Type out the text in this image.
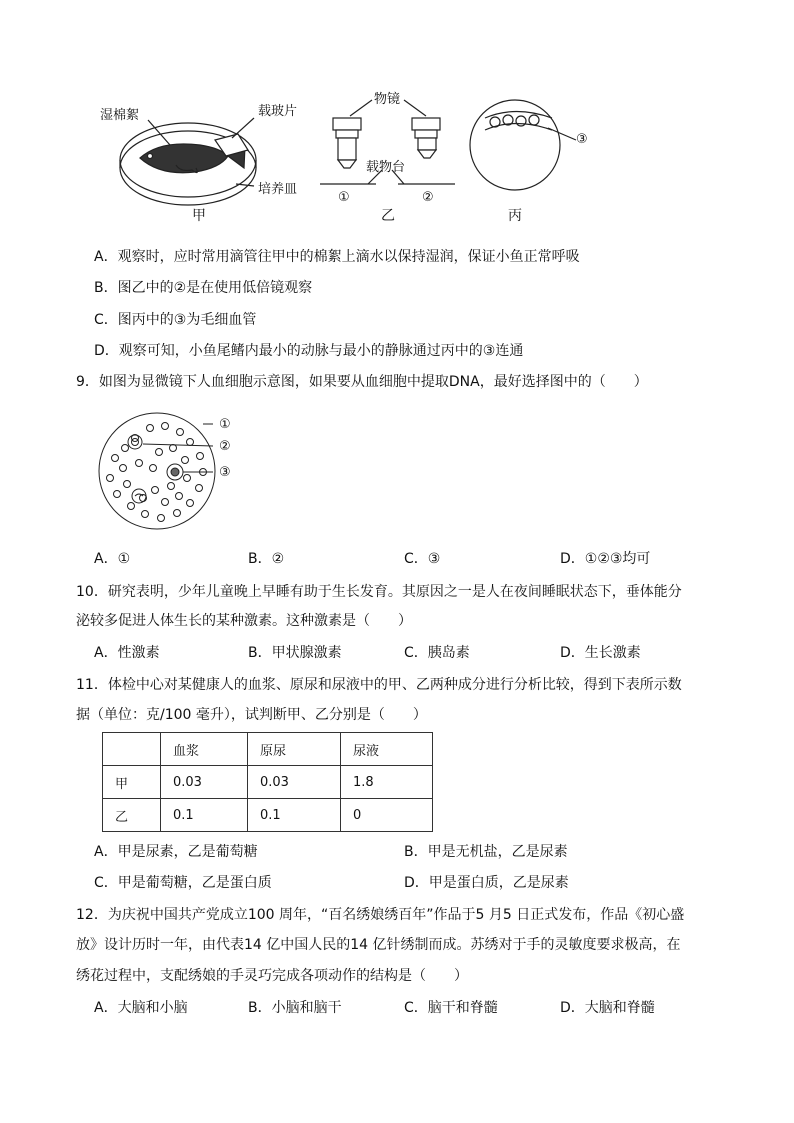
湿棉絮	载玻片
培养皿
物镜
载物台
①	②
③
甲	乙	丙
A．观察时，应时常用滴管往甲中的棉絮上滴水以保持湿润，保证小鱼正常呼吸
B．图乙中的②是在使用低倍镜观察
C．图丙中的③为毛细血管
D．观察可知，小鱼尾鳍内最小的动脉与最小的静脉通过丙中的③连通
9．如图为显微镜下人血细胞示意图，如果要从血细胞中提取DNA，最好选择图中的（　　）
①
②
③
A．①	B．②	C．③	D．①②③均可
10．研究表明，少年儿童晚上早睡有助于生长发育。其原因之一是人在夜间睡眠状态下，垂体能分
泌较多促进人体生长的某种激素。这种激素是（　　）
A．性激素	B．甲状腺激素	C．胰岛素	D．生长激素
11．体检中心对某健康人的血浆、原尿和尿液中的甲、乙两种成分进行分析比较，得到下表所示数
据（单位：克/100 毫升），试判断甲、乙分别是（　　）
	血浆	原尿	尿液
甲	0.03	0.03	1.8
乙	0.1	0.1	0
A．甲是尿素，乙是葡萄糖	B．甲是无机盐，乙是尿素
C．甲是葡萄糖，乙是蛋白质	D．甲是蛋白质，乙是尿素
12．为庆祝中国共产党成立100 周年，“百名绣娘绣百年”作品于5 月5 日正式发布，作品《初心盛
放》设计历时一年，由代表14 亿中国人民的14 亿针绣制而成。苏绣对于手的灵敏度要求极高，在
绣花过程中，支配绣娘的手灵巧完成各项动作的结构是（　　）
A．大脑和小脑	B．小脑和脑干	C．脑干和脊髓	D．大脑和脊髓
